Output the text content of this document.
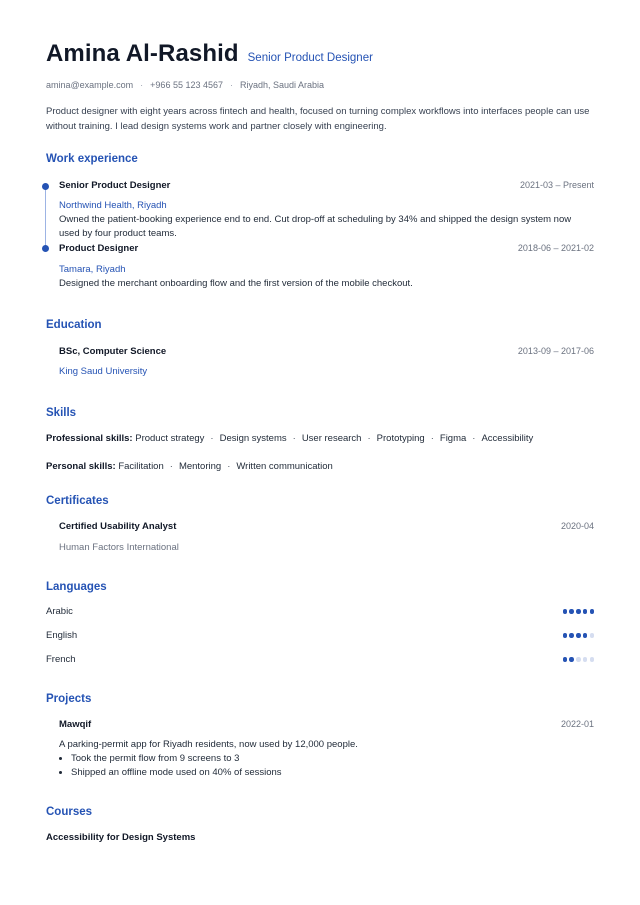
Amina Al-Rashid Senior Product Designer
amina@example.com · +966 55 123 4567 · Riyadh, Saudi Arabia
Product designer with eight years across fintech and health, focused on turning complex workflows into interfaces people can use without training. I lead design systems work and partner closely with engineering.
Work experience
Senior Product Designer	2021-03 – Present
Northwind Health, Riyadh
Owned the patient-booking experience end to end. Cut drop-off at scheduling by 34% and shipped the design system now used by four product teams.
Product Designer	2018-06 – 2021-02
Tamara, Riyadh
Designed the merchant onboarding flow and the first version of the mobile checkout.
Education
BSc, Computer Science	2013-09 – 2017-06
King Saud University
Skills
Professional skills: Product strategy · Design systems · User research · Prototyping · Figma · Accessibility
Personal skills: Facilitation · Mentoring · Written communication
Certificates
Certified Usability Analyst	2020-04
Human Factors International
Languages
Arabic
English
French
Projects
Mawqif	2022-01
A parking-permit app for Riyadh residents, now used by 12,000 people.
• Took the permit flow from 9 screens to 3
• Shipped an offline mode used on 40% of sessions
Courses
Accessibility for Design Systems
